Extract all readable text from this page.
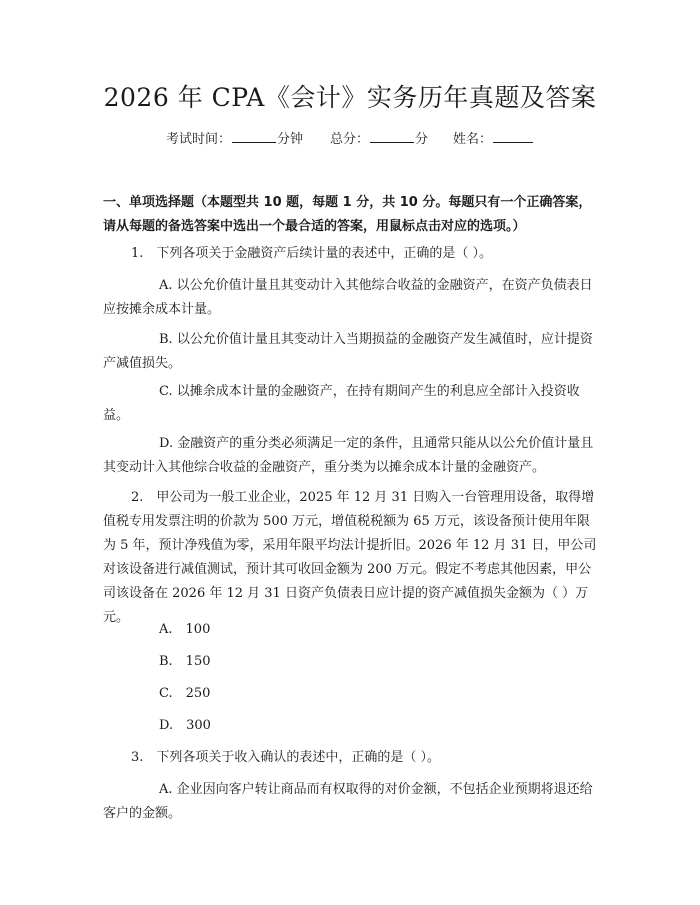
2026 年 CPA《会计》实务历年真题及答案
考试时间：	分钟 总分：	分 姓名：

一、单项选择题（本题型共 10 题，每题 1 分，共 10 分。每题只有一个正确答案，请从每题的备选答案中选出一个最合适的答案，用鼠标点击对应的选项。）

1.　下列各项关于金融资产后续计量的表述中，正确的是（ ）。

A. 以公允价值计量且其变动计入其他综合收益的金融资产，在资产负债表日应按摊余成本计量。

B. 以公允价值计量且其变动计入当期损益的金融资产发生减值时，应计提资产减值损失。

C. 以摊余成本计量的金融资产，在持有期间产生的利息应全部计入投资收益。

D. 金融资产的重分类必须满足一定的条件，且通常只能从以公允价值计量且其变动计入其他综合收益的金融资产，重分类为以摊余成本计量的金融资产。

2.　甲公司为一般工业企业，2025 年 12 月 31 日购入一台管理用设备，取得增值税专用发票注明的价款为 500 万元，增值税税额为 65 万元，该设备预计使用年限为 5 年，预计净残值为零，采用年限平均法计提折旧。2026 年 12 月 31 日，甲公司对该设备进行减值测试，预计其可收回金额为 200 万元。假定不考虑其他因素，甲公司该设备在 2026 年 12 月 31 日资产负债表日应计提的资产减值损失金额为（ ）万元。

A.　100

B.　150

C.　250

D.　300

3.　下列各项关于收入确认的表述中，正确的是（ ）。

A. 企业因向客户转让商品而有权取得的对价金额，不包括企业预期将退还给客户的金额。
